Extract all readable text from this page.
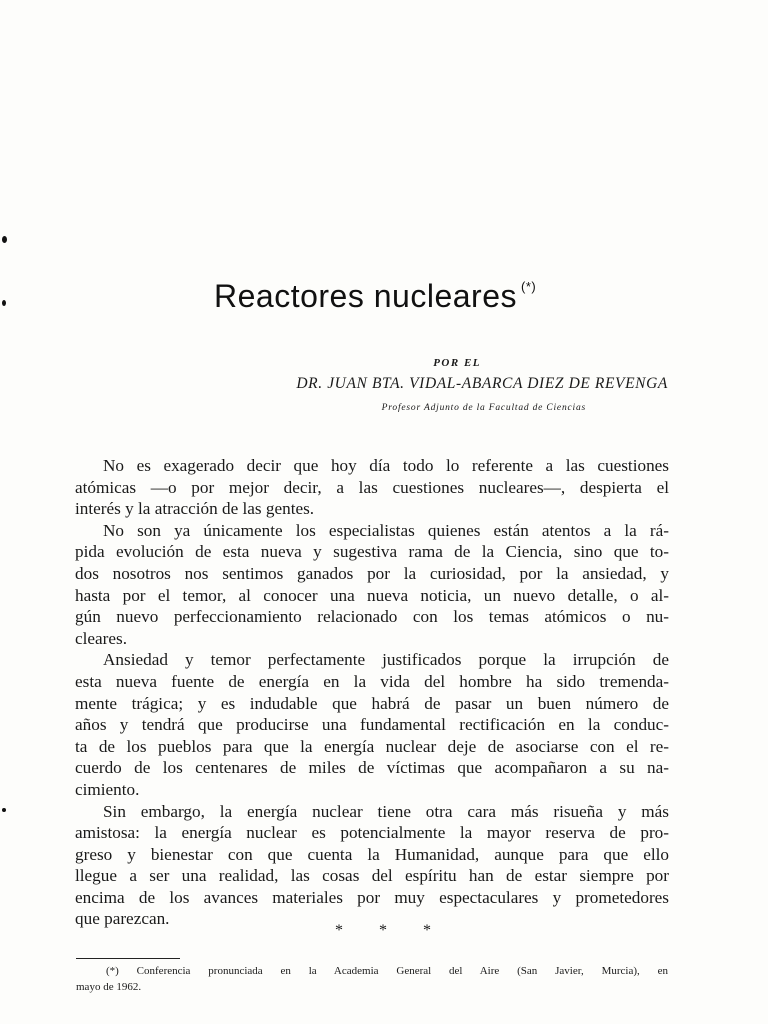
Reactores nucleares (*)
POR EL
DR. JUAN BTA. VIDAL-ABARCA DIEZ DE REVENGA
Profesor Adjunto de la Facultad de Ciencias
No es exagerado decir que hoy día todo lo referente a las cuestiones
atómicas —o por mejor decir, a las cuestiones nucleares—, despierta el
interés y la atracción de las gentes.
No son ya únicamente los especialistas quienes están atentos a la rá-
pida evolución de esta nueva y sugestiva rama de la Ciencia, sino que to-
dos nosotros nos sentimos ganados por la curiosidad, por la ansiedad, y
hasta por el temor, al conocer una nueva noticia, un nuevo detalle, o al-
gún nuevo perfeccionamiento relacionado con los temas atómicos o nu-
cleares.
Ansiedad y temor perfectamente justificados porque la irrupción de
esta nueva fuente de energía en la vida del hombre ha sido tremenda-
mente trágica; y es indudable que habrá de pasar un buen número de
años y tendrá que producirse una fundamental rectificación en la conduc-
ta de los pueblos para que la energía nuclear deje de asociarse con el re-
cuerdo de los centenares de miles de víctimas que acompañaron a su na-
cimiento.
Sin embargo, la energía nuclear tiene otra cara más risueña y más
amistosa: la energía nuclear es potencialmente la mayor reserva de pro-
greso y bienestar con que cuenta la Humanidad, aunque para que ello
llegue a ser una realidad, las cosas del espíritu han de estar siempre por
encima de los avances materiales por muy espectaculares y prometedores
que parezcan.
* * *
(*) Conferencia pronunciada en la Academia General del Aire (San Javier, Murcia), en
mayo de 1962.
